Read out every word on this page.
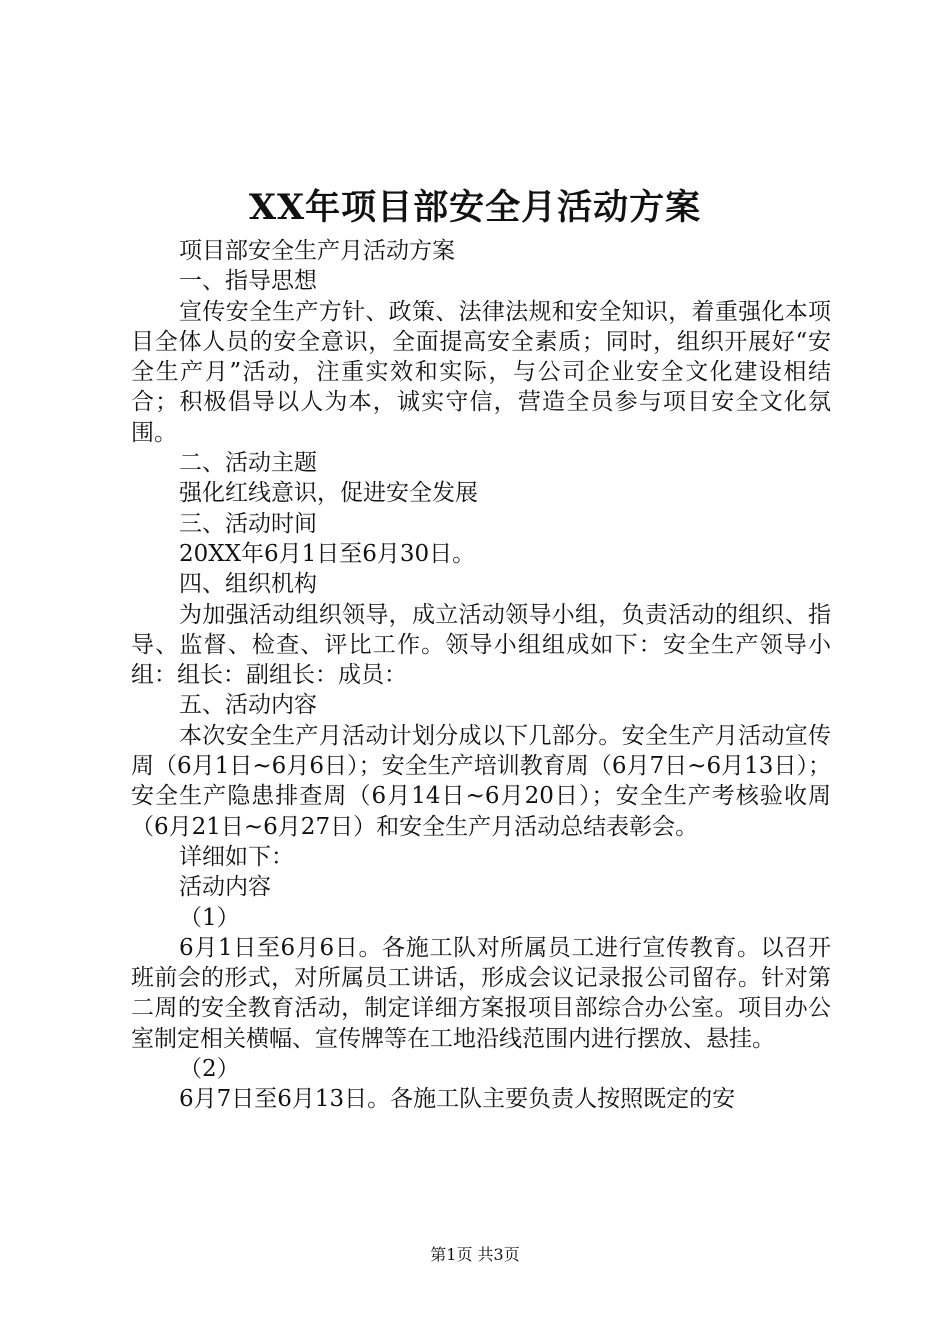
XX年项目部安全月活动方案

项目部安全生产月活动方案

一、指导思想

宣传安全生产方针、政策、法律法规和安全知识，着重强化本项目全体人员的安全意识，全面提高安全素质；同时，组织开展好“安全生产月”活动，注重实效和实际，与公司企业安全文化建设相结合；积极倡导以人为本，诚实守信，营造全员参与项目安全文化氛围。

二、活动主题

强化红线意识，促进安全发展

三、活动时间

20XX年6月1日至6月30日。

四、组织机构

为加强活动组织领导，成立活动领导小组，负责活动的组织、指导、监督、检查、评比工作。领导小组组成如下：安全生产领导小组：组长：副组长：成员：

五、活动内容

本次安全生产月活动计划分成以下几部分。安全生产月活动宣传周（6月1日~6月6日）；安全生产培训教育周（6月7日~6月13日）；安全生产隐患排查周（6月14日~6月20日）；安全生产考核验收周（6月21日~6月27日）和安全生产月活动总结表彰会。

详细如下：

活动内容

（1）

6月1日至6月6日。各施工队对所属员工进行宣传教育。以召开班前会的形式，对所属员工讲话，形成会议记录报公司留存。针对第二周的安全教育活动，制定详细方案报项目部综合办公室。项目办公室制定相关横幅、宣传牌等在工地沿线范围内进行摆放、悬挂。

（2）

6月7日至6月13日。各施工队主要负责人按照既定的安

第1页 共3页
